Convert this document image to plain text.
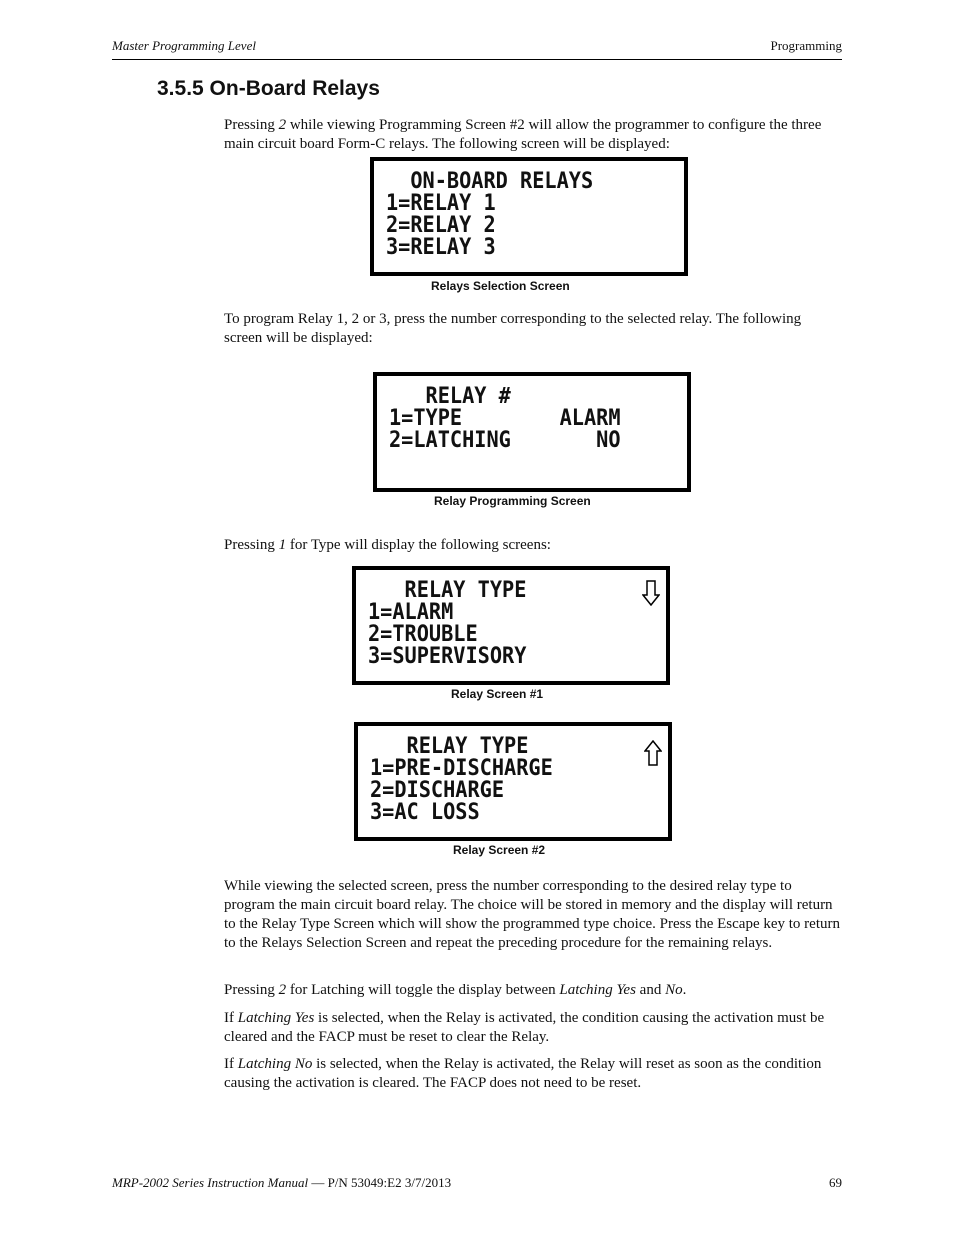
Master Programming Level	Programming
3.5.5 On-Board Relays
Pressing 2 while viewing Programming Screen #2 will allow the programmer to configure the three main circuit board Form-C relays. The following screen will be displayed:
ON-BOARD RELAYS
1=RELAY 1
2=RELAY 2
3=RELAY 3
Relays Selection Screen
To program Relay 1, 2 or 3, press the number corresponding to the selected relay. The following screen will be displayed:
RELAY #
1=TYPE        ALARM
2=LATCHING       NO
Relay Programming Screen
Pressing 1 for Type will display the following screens:
RELAY TYPE
1=ALARM
2=TROUBLE
3=SUPERVISORY
Relay Screen #1
RELAY TYPE
1=PRE-DISCHARGE
2=DISCHARGE
3=AC LOSS
Relay Screen #2
While viewing the selected screen, press the number corresponding to the desired relay type to program the main circuit board relay. The choice will be stored in memory and the display will return to the Relay Type Screen which will show the programmed type choice. Press the Escape key to return to the Relays Selection Screen and repeat the preceding procedure for the remaining relays.
Pressing 2 for Latching will toggle the display between Latching Yes and No.
If Latching Yes is selected, when the Relay is activated, the condition causing the activation must be cleared and the FACP must be reset to clear the Relay.
If Latching No is selected, when the Relay is activated, the Relay will reset as soon as the condition causing the activation is cleared. The FACP does not need to be reset.
MRP-2002 Series Instruction Manual — P/N 53049:E2 3/7/2013	69
